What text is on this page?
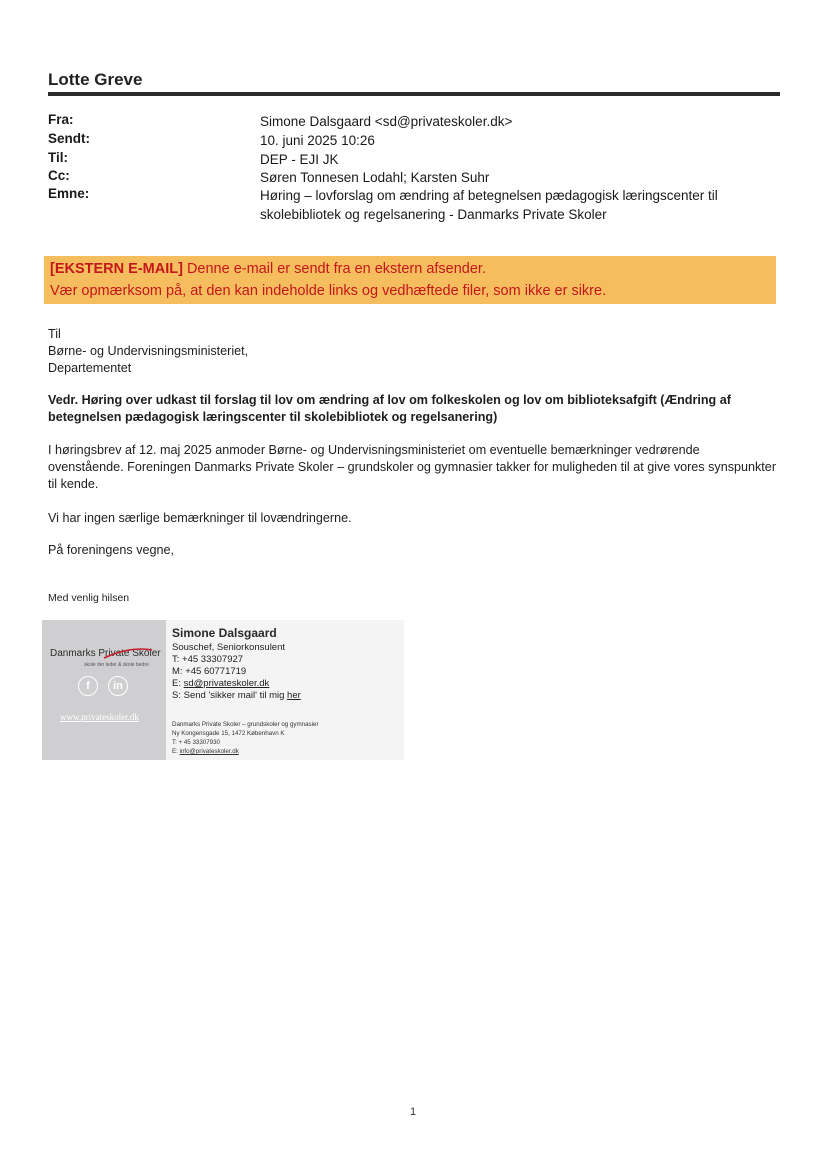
Lotte Greve
Fra:	Simone Dalsgaard <sd@privateskoler.dk>
Sendt:	10. juni 2025 10:26
Til:	DEP - EJI JK
Cc:	Søren Tonnesen Lodahl; Karsten Suhr
Emne:	Høring – lovforslag om ændring af betegnelsen pædagogisk læringscenter til skolebibliotek og regelsanering - Danmarks Private Skoler
[EKSTERN E-MAIL] Denne e-mail er sendt fra en ekstern afsender.
Vær opmærksom på, at den kan indeholde links og vedhæftede filer, som ikke er sikre.
Til
Børne- og Undervisningsministeriet,
Departementet
Vedr. Høring over udkast til forslag til lov om ændring af lov om folkeskolen og lov om biblioteksafgift (Ændring af betegnelsen pædagogisk læringscenter til skolebibliotek og regelsanering)
I høringsbrev af 12. maj 2025 anmoder Børne- og Undervisningsministeriet om eventuelle bemærkninger vedrørende ovenstående. Foreningen Danmarks Private Skoler – grundskoler og gymnasier takker for muligheden til at give vores synspunkter til kende.
Vi har ingen særlige bemærkninger til lovændringerne.
På foreningens vegne,
Med venlig hilsen
Danmarks Private Skoler
skole der leder & skole bedre
f	in
www.privateskoler.dk
Simone Dalsgaard
Souschef, Seniorkonsulent
T: +45 33307927
M: +45 60771719
E: sd@privateskoler.dk
S: Send 'sikker mail' til mig her
Danmarks Private Skoler – grundskoler og gymnasier
Ny Kongensgade 15, 1472 København K
T: + 45 33307930
E: info@privateskoler.dk
1
